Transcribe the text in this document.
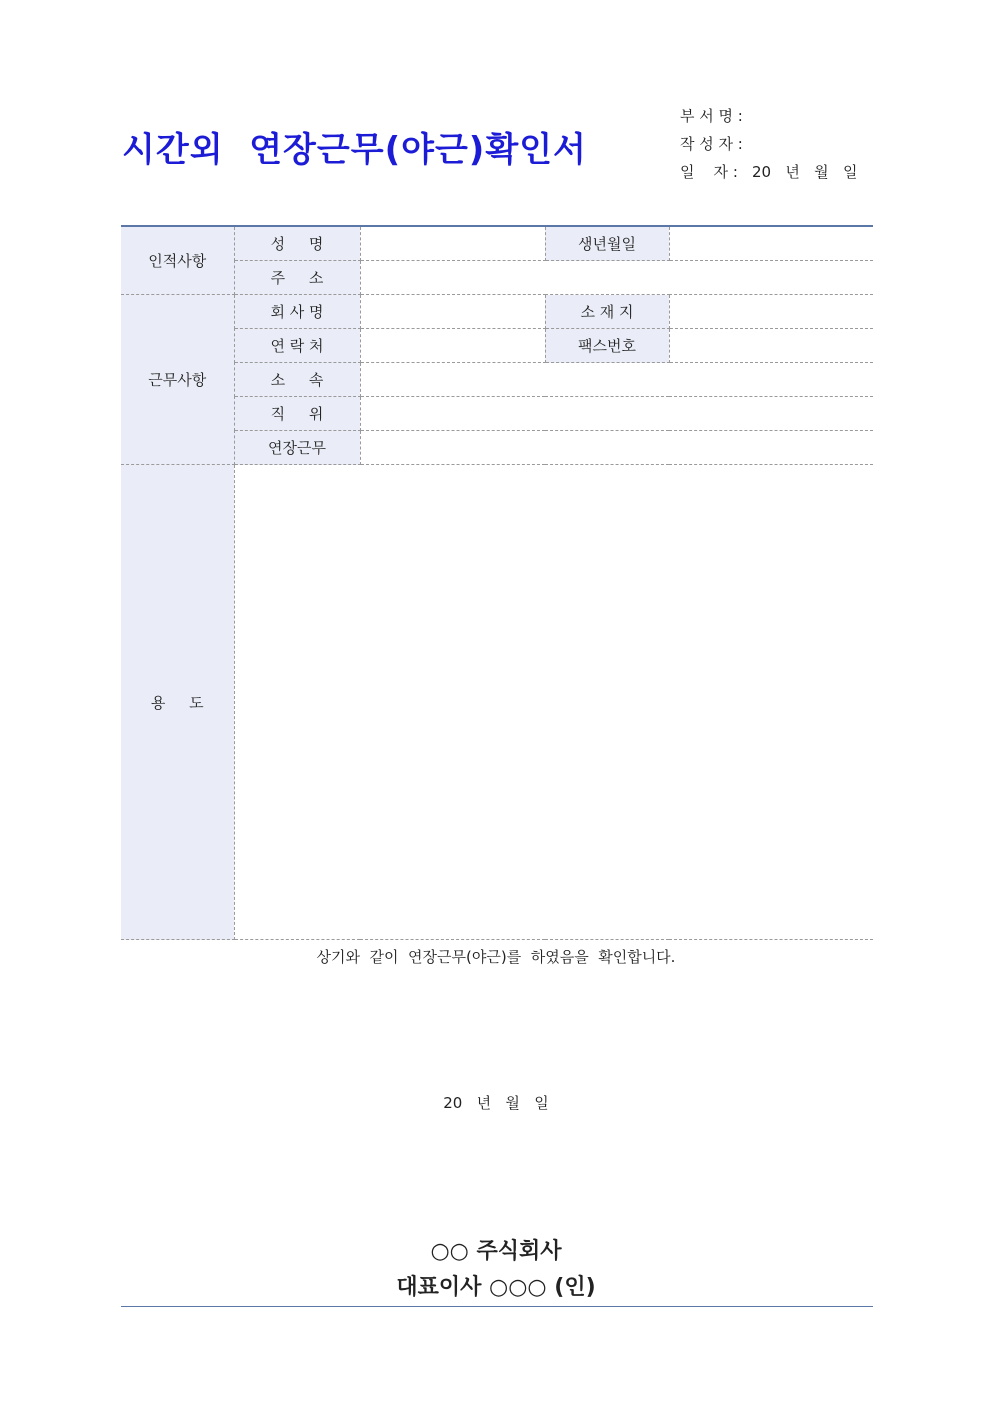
시간외  연장근무(야근)확인서
부 서 명 :
작 성 자 :
일    자 : 20   년   월   일
인적사항	성     명		생년월일	
	주     소			
근무사항	회 사 명		소 재 지	
	연 락 처		팩스번호	
	소     속			
	직     위			
	연장근무			
용     도				
상기와  같이  연장근무(야근)를  하였음을  확인합니다.
20   년   월   일
○○ 주식회사
대표이사 ○○○ (인)
